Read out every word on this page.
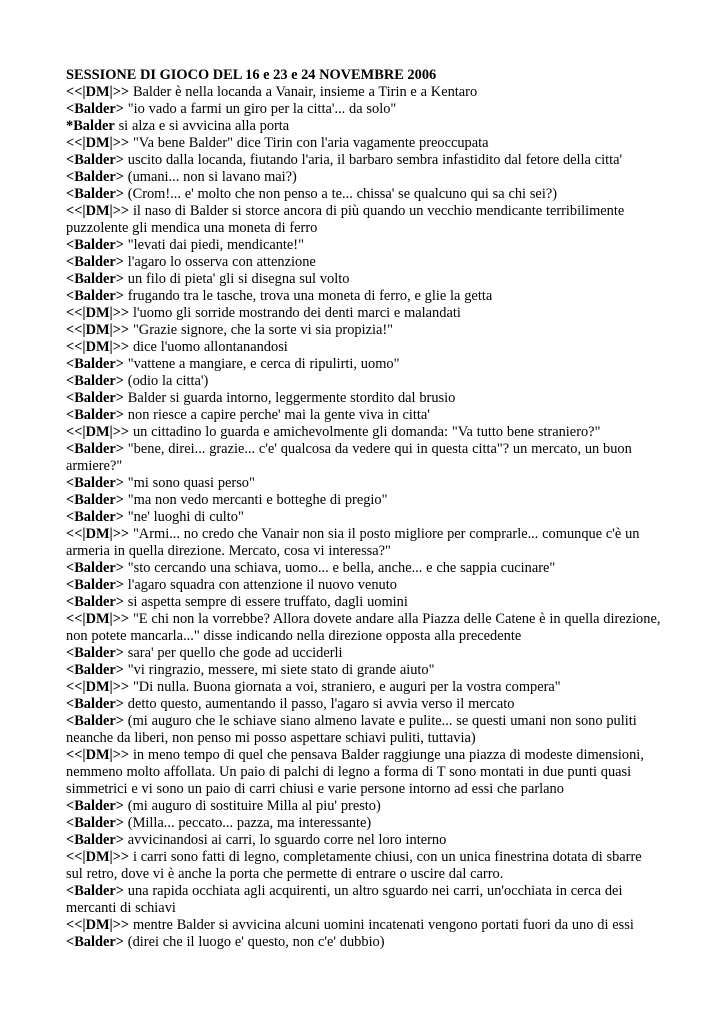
SESSIONE DI GIOCO DEL 16 e 23 e 24 NOVEMBRE 2006

<<|DM|>> Balder è nella locanda a Vanair, insieme a Tirin e a Kentaro

<Balder> "io vado a farmi un giro per la citta'... da solo"

*Balder si alza e si avvicina alla porta

<<|DM|>> "Va bene Balder" dice Tirin con l'aria vagamente preoccupata

<Balder> uscito dalla locanda, fiutando l'aria, il barbaro sembra infastidito dal fetore della citta'

<Balder> (umani... non si lavano mai?)

<Balder> (Crom!... e' molto che non penso a te... chissa' se qualcuno qui sa chi sei?)

<<|DM|>> il naso di Balder si storce ancora di più quando un vecchio mendicante terribilimente puzzolente gli mendica una moneta di ferro

<Balder> "levati dai piedi, mendicante!"

<Balder> l'agaro lo osserva con attenzione

<Balder> un filo di pieta' gli si disegna sul volto

<Balder> frugando tra le tasche, trova una moneta di ferro, e glie la getta

<<|DM|>> l'uomo gli sorride mostrando dei denti marci e malandati

<<|DM|>> "Grazie signore, che la sorte vi sia propizia!"

<<|DM|>> dice l'uomo allontanandosi

<Balder> "vattene a mangiare, e cerca di ripulirti, uomo"

<Balder> (odio la citta')

<Balder> Balder si guarda intorno, leggermente stordito dal brusio

<Balder> non riesce a capire perche' mai la gente viva in citta'

<<|DM|>> un cittadino lo guarda e amichevolmente gli domanda: "Va tutto bene straniero?"

<Balder> "bene, direi... grazie... c'e' qualcosa da vedere qui in questa citta"? un mercato, un buon armiere?"

<Balder> "mi sono quasi perso"

<Balder> "ma non vedo mercanti e botteghe di pregio"

<Balder> "ne' luoghi di culto"

<<|DM|>> "Armi... no credo che Vanair non sia il posto migliore per comprarle... comunque c'è un armeria in quella direzione. Mercato, cosa vi interessa?"

<Balder> "sto cercando una schiava, uomo... e bella, anche... e che sappia cucinare"

<Balder> l'agaro squadra con attenzione il nuovo venuto

<Balder> si aspetta sempre di essere truffato, dagli uomini

<<|DM|>> "E chi non la vorrebbe? Allora dovete andare alla Piazza delle Catene è in quella direzione, non potete mancarla..." disse indicando nella direzione opposta alla precedente

<Balder> sara' per quello che gode ad ucciderli

<Balder> "vi ringrazio, messere, mi siete stato di grande aiuto"

<<|DM|>> "Di nulla. Buona giornata a voi, straniero, e auguri per la vostra compera"

<Balder> detto questo, aumentando il passo, l'agaro si avvia verso il mercato

<Balder> (mi auguro che le schiave siano almeno lavate e pulite... se questi umani non sono puliti neanche da liberi, non penso mi posso aspettare schiavi puliti, tuttavia)

<<|DM|>> in meno tempo di quel che pensava Balder raggiunge una piazza di modeste dimensioni, nemmeno molto affollata. Un paio di palchi di legno a forma di T sono montati in due punti quasi simmetrici e vi sono un paio di carri chiusi e varie persone intorno ad essi che parlano

<Balder> (mi auguro di sostituire Milla al piu' presto)

<Balder> (Milla... peccato... pazza, ma interessante)

<Balder> avvicinandosi ai carri, lo sguardo corre nel loro interno

<<|DM|>> i carri sono fatti di legno, completamente chiusi, con un unica finestrina dotata di sbarre sul retro, dove vi è anche la porta che permette di entrare o uscire dal carro.

<Balder> una rapida occhiata agli acquirenti, un altro sguardo nei carri, un'occhiata in cerca dei mercanti di schiavi

<<|DM|>> mentre Balder si avvicina alcuni uomini incatenati vengono portati fuori da uno di essi

<Balder> (direi che il luogo e' questo, non c'e' dubbio)
